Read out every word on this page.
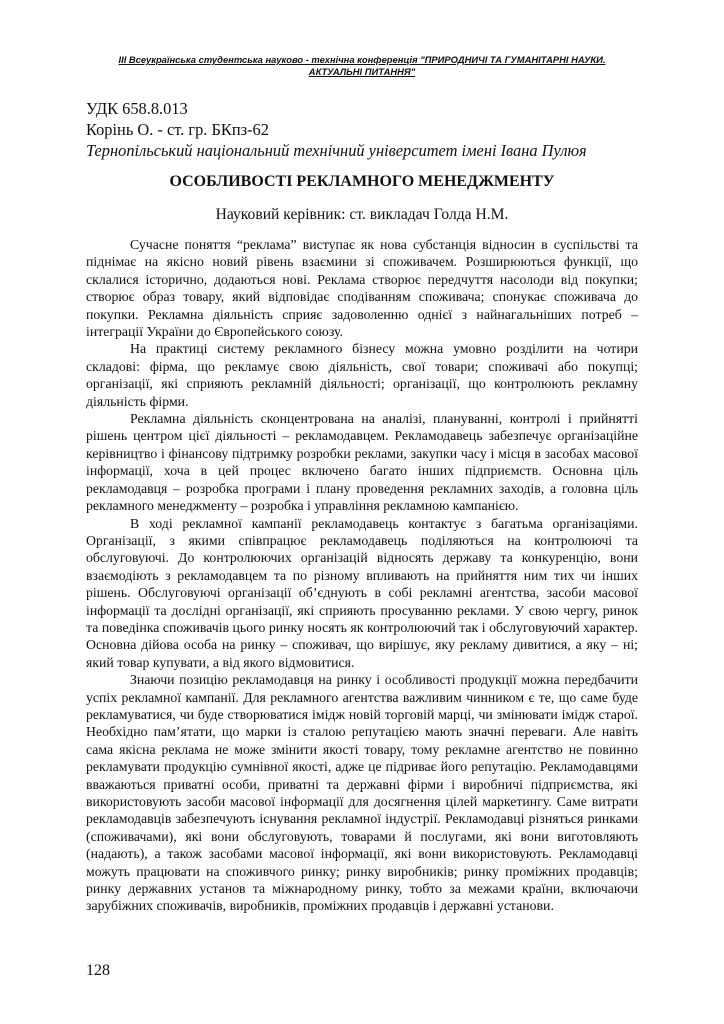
ІІІ Всеукраїнська студентська науково - технічна конференція "ПРИРОДНИЧІ ТА ГУМАНІТАРНІ НАУКИ.
АКТУАЛЬНІ ПИТАННЯ"
УДК 658.8.013
Корінь О. - ст. гр. БКпз-62
Тернопільський національний технічний університет імені Івана Пулюя
ОСОБЛИВОСТІ РЕКЛАМНОГО МЕНЕДЖМЕНТУ
Науковий керівник: ст. викладач Голда Н.М.

Сучасне поняття “реклама” виступає як нова субстанція відносин в суспільстві та піднімає на якісно новий рівень взаємини зі споживачем. Розширюються функції, що склалися історично, додаються нові. Реклама створює передчуття насолоди від покупки; створює образ товару, який відповідає сподіванням споживача; спонукає споживача до покупки. Рекламна діяльність сприяє задоволенню однієї з найнагальніших потреб – інтеграції України до Європейського союзу.

На практиці систему рекламного бізнесу можна умовно розділити на чотири складові: фірма, що рекламує свою діяльність, свої товари; споживачі або покупці; організації, які сприяють рекламній діяльності; організації, що контролюють рекламну діяльність фірми.

Рекламна діяльність сконцентрована на аналізі, плануванні, контролі і прийнятті рішень центром цієї діяльності – рекламодавцем. Рекламодавець забезпечує організаційне керівництво і фінансову підтримку розробки реклами, закупки часу і місця в засобах масової інформації, хоча в цей процес включено багато інших підприємств. Основна ціль рекламодавця – розробка програми і плану проведення рекламних заходів, а головна ціль рекламного менеджменту – розробка і управління рекламною кампанією.

В ході рекламної кампанії рекламодавець контактує з багатьма організаціями. Організації, з якими співпрацює рекламодавець поділяються на контролюючі та обслуговуючі. До контролюючих організацій відносять державу та конкуренцію, вони взаємодіють з рекламодавцем та по різному впливають на прийняття ним тих чи інших рішень. Обслуговуючі організації об’єднують в собі рекламні агентства, засоби масової інформації та дослідні організації, які сприяють просуванню реклами. У свою чергу, ринок та поведінка споживачів цього ринку носять як контролюючий так і обслуговуючий характер. Основна дійова особа на ринку – споживач, що вирішує, яку рекламу дивитися, а яку – ні; який товар купувати, а від якого відмовитися.

Знаючи позицію рекламодавця на ринку і особливості продукції можна передбачити успіх рекламної кампанії. Для рекламного агентства важливим чинником є те, що саме буде рекламуватися, чи буде створюватися імідж новій торговій марці, чи змінювати імідж старої. Необхідно пам’ятати, що марки із сталою репутацією мають значні переваги. Але навіть сама якісна реклама не може змінити якості товару, тому рекламне агентство не повинно рекламувати продукцію сумнівної якості, адже це підриває його репутацію. Рекламодавцями вважаються приватні особи, приватні та державні фірми і виробничі підприємства, які використовують засоби масової інформації для досягнення цілей маркетингу. Саме витрати рекламодавців забезпечують існування рекламної індустрії. Рекламодавці різняться ринками (споживачами), які вони обслуговують, товарами й послугами, які вони виготовляють (надають), а також засобами масової інформації, які вони використовують. Рекламодавці можуть працювати на споживчого ринку; ринку виробників; ринку проміжних продавців; ринку державних установ та міжнародному ринку, тобто за межами країни, включаючи зарубіжних споживачів, виробників, проміжних продавців і державні установи.

128
